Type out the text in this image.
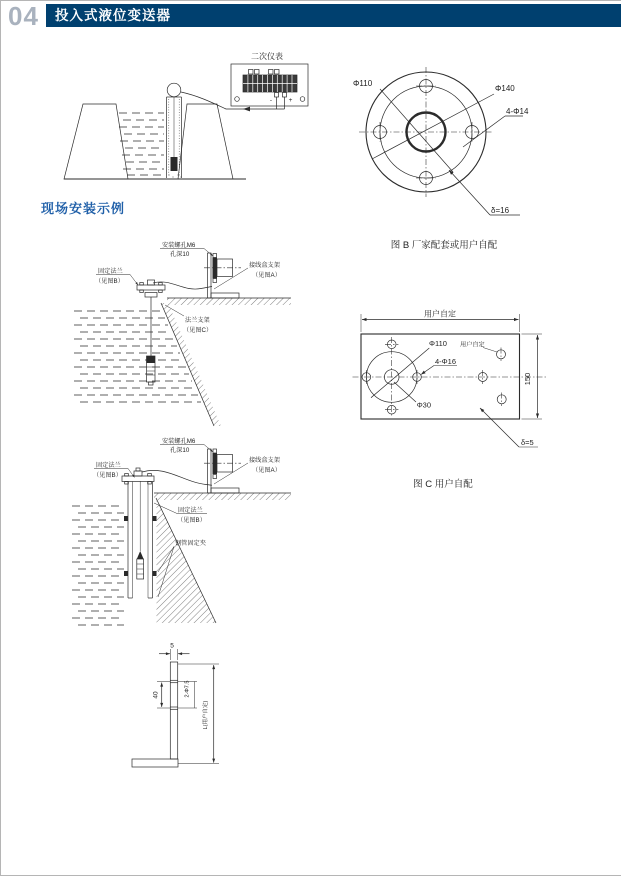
04	投入式液位变送器
二次仪表
-	+
Φ110
Φ140
4-Φ14
δ=16
图 B 厂家配套或用户自配
现场安装示例
安装螺孔M6
孔深10
固定法兰
（见图B）
接线盒支架
（见图A）
法兰支架
（见图C）
安装螺孔M6
孔深10
固定法兰
（见图B）
接线盒支架
（见图A）
固定法兰
（见图B）
钢管固定夹
用户自定
150
Φ110 用户自定
4-Φ16
Φ30
δ=5
图 C 用户自配
5
40	2-Φ7.5
L(用户自定)
